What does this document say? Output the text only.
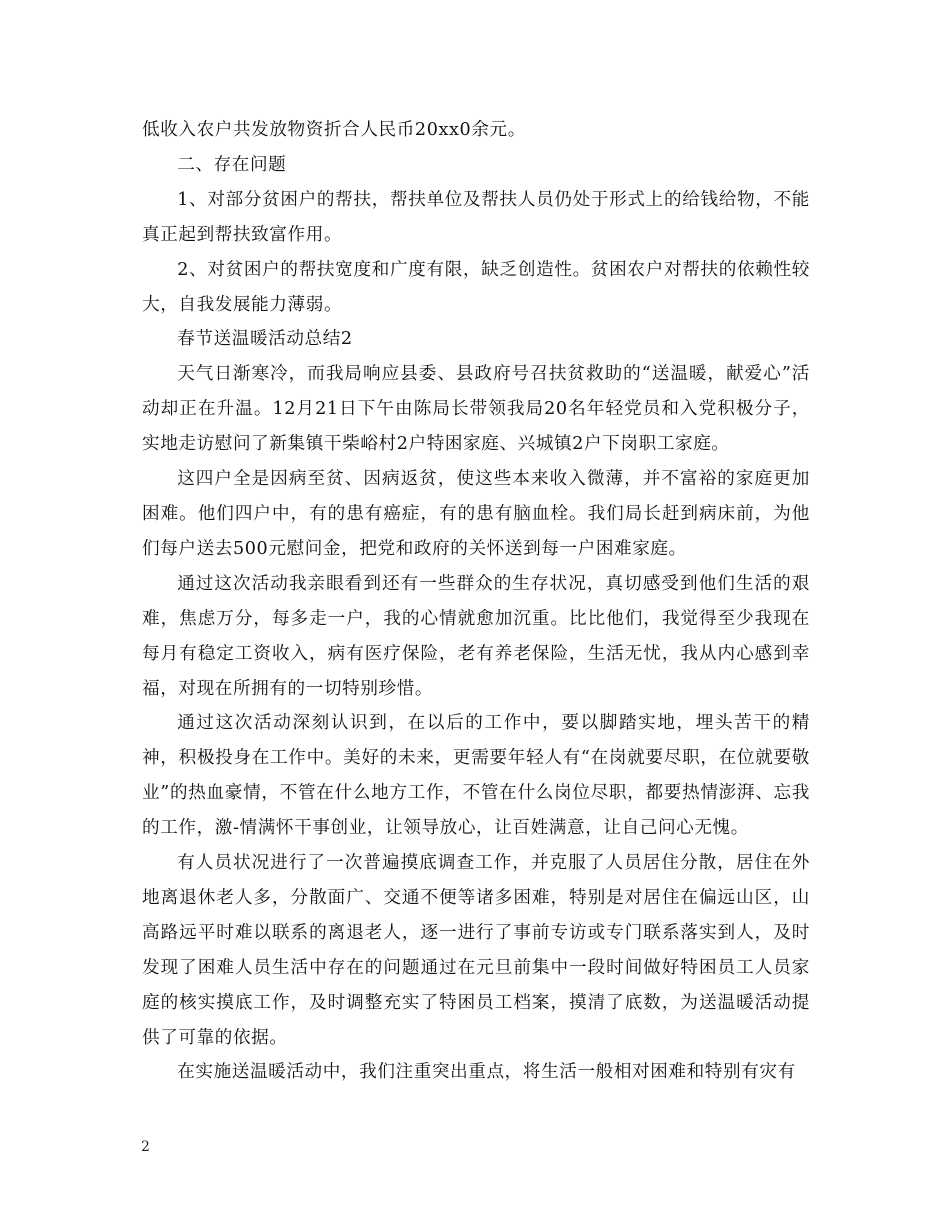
低收入农户共发放物资折合人民币20xx0余元。

二、存在问题

1、对部分贫困户的帮扶，帮扶单位及帮扶人员仍处于形式上的给钱给物，不能真正起到帮扶致富作用。

2、对贫困户的帮扶宽度和广度有限，缺乏创造性。贫困农户对帮扶的依赖性较大，自我发展能力薄弱。

春节送温暖活动总结2

天气日渐寒冷，而我局响应县委、县政府号召扶贫救助的“送温暖，献爱心”活动却正在升温。12月21日下午由陈局长带领我局20名年轻党员和入党积极分子，实地走访慰问了新集镇干柴峪村2户特困家庭、兴城镇2户下岗职工家庭。

这四户全是因病至贫、因病返贫，使这些本来收入微薄，并不富裕的家庭更加困难。他们四户中，有的患有癌症，有的患有脑血栓。我们局长赶到病床前，为他们每户送去500元慰问金，把党和政府的关怀送到每一户困难家庭。

通过这次活动我亲眼看到还有一些群众的生存状况，真切感受到他们生活的艰难，焦虑万分，每多走一户，我的心情就愈加沉重。比比他们，我觉得至少我现在每月有稳定工资收入，病有医疗保险，老有养老保险，生活无忧，我从内心感到幸福，对现在所拥有的一切特别珍惜。

通过这次活动深刻认识到，在以后的工作中，要以脚踏实地，埋头苦干的精神，积极投身在工作中。美好的未来，更需要年轻人有“在岗就要尽职，在位就要敬业”的热血豪情，不管在什么地方工作，不管在什么岗位尽职，都要热情澎湃、忘我的工作，激-情满怀干事创业，让领导放心，让百姓满意，让自己问心无愧。

有人员状况进行了一次普遍摸底调查工作，并克服了人员居住分散，居住在外地离退休老人多，分散面广、交通不便等诸多困难，特别是对居住在偏远山区，山高路远平时难以联系的离退老人，逐一进行了事前专访或专门联系落实到人，及时发现了困难人员生活中存在的问题通过在元旦前集中一段时间做好特困员工人员家庭的核实摸底工作，及时调整充实了特困员工档案，摸清了底数，为送温暖活动提供了可靠的依据。

在实施送温暖活动中，我们注重突出重点，将生活一般相对困难和特别有灾有

2
